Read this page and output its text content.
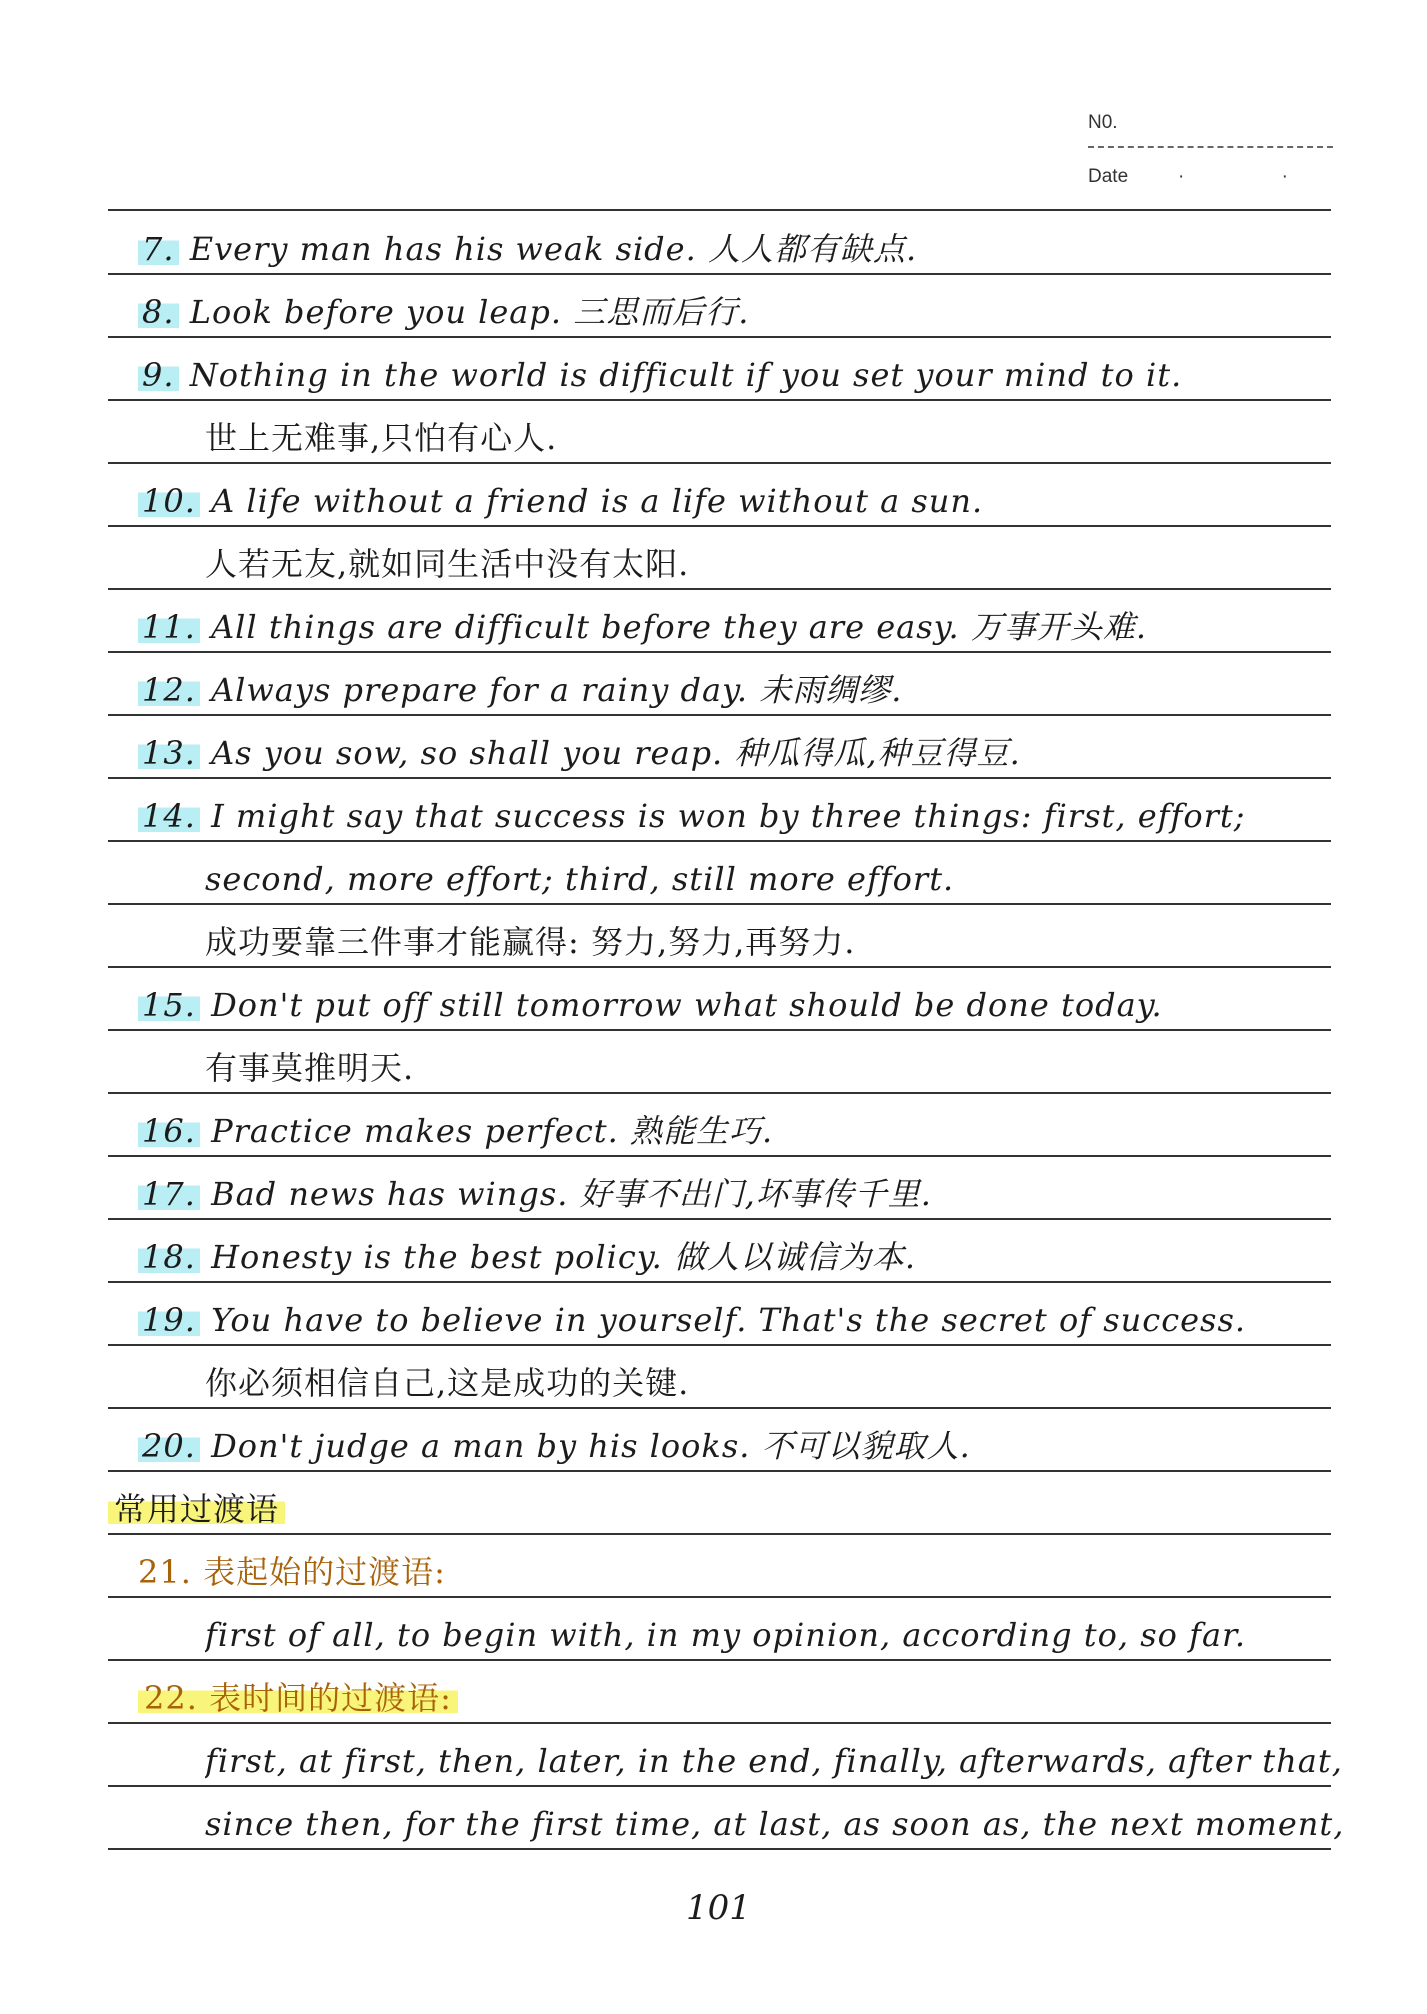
N0.
Date	· ·
7. Every man has his weak side. 人人都有缺点.
8. Look before you leap. 三思而后行.
9. Nothing in the world is difficult if you set your mind to it.
世上无难事,只怕有心人.
10. A life without a friend is a life without a sun.
人若无友,就如同生活中没有太阳.
11. All things are difficult before they are easy. 万事开头难.
12. Always prepare for a rainy day. 未雨绸缪.
13. As you sow, so shall you reap. 种瓜得瓜,种豆得豆.
14. I might say that success is won by three things: first, effort;
second, more effort; third, still more effort.
成功要靠三件事才能赢得: 努力,努力,再努力.
15. Don't put off still tomorrow what should be done today.
有事莫推明天.
16. Practice makes perfect. 熟能生巧.
17. Bad news has wings. 好事不出门,坏事传千里.
18. Honesty is the best policy. 做人以诚信为本.
19. You have to believe in yourself. That's the secret of success.
你必须相信自己,这是成功的关键.
20. Don't judge a man by his looks. 不可以貌取人.
常用过渡语
21. 表起始的过渡语:
first of all, to begin with, in my opinion, according to, so far.
22. 表时间的过渡语:
first, at first, then, later, in the end, finally, afterwards, after that,
since then, for the first time, at last, as soon as, the next moment,
101
